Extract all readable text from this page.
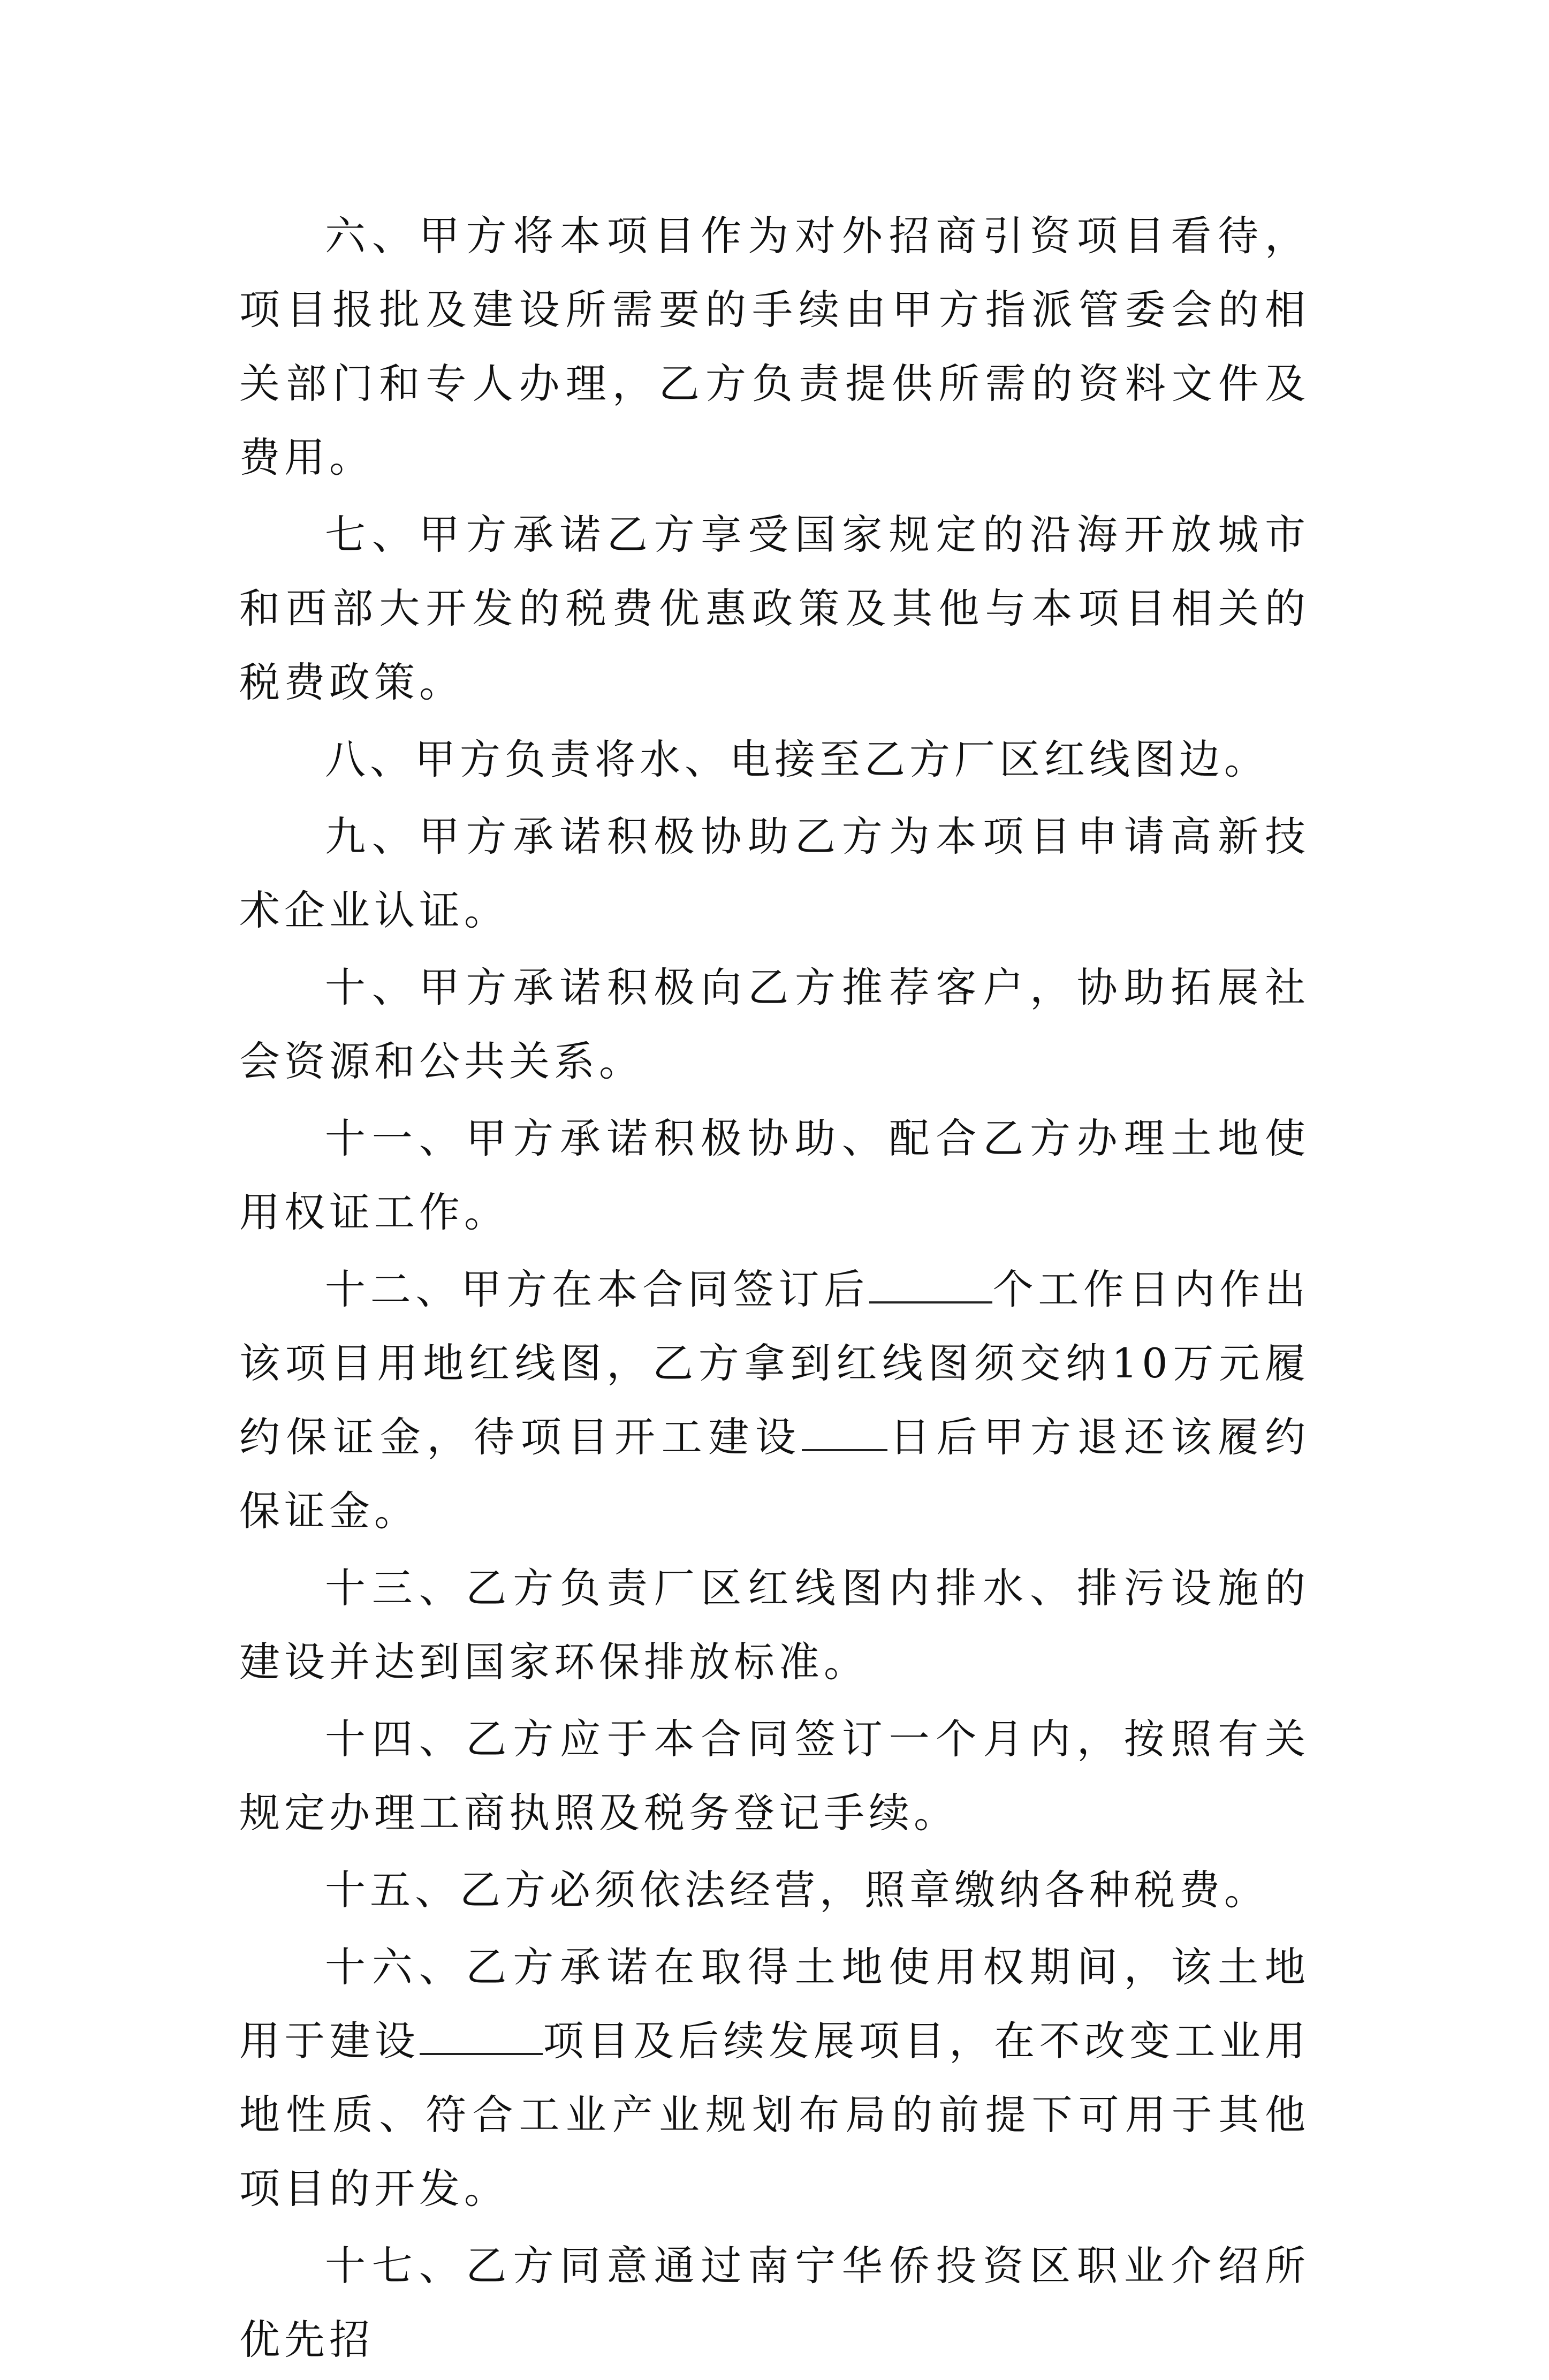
六、甲方将本项目作为对外招商引资项目看待，项目报批及建设所需要的手续由甲方指派管委会的相关部门和专人办理，乙方负责提供所需的资料文件及费用。

七、甲方承诺乙方享受国家规定的沿海开放城市和西部大开发的税费优惠政策及其他与本项目相关的税费政策。

八、甲方负责将水、电接至乙方厂区红线图边。

九、甲方承诺积极协助乙方为本项目申请高新技术企业认证。

十、甲方承诺积极向乙方推荐客户，协助拓展社会资源和公共关系。

十一、甲方承诺积极协助、配合乙方办理土地使用权证工作。

十二、甲方在本合同签订后	个工作日内作出该项目用地红线图，乙方拿到红线图须交纳10万元履约保证金，待项目开工建设 日后甲方退还该履约保证金。

十三、乙方负责厂区红线图内排水、排污设施的建设并达到国家环保排放标准。

十四、乙方应于本合同签订一个月内，按照有关规定办理工商执照及税务登记手续。

十五、乙方必须依法经营，照章缴纳各种税费。

十六、乙方承诺在取得土地使用权期间，该土地用于建设	项目及后续发展项目，在不改变工业用地性质、符合工业产业规划布局的前提下可用于其他项目的开发。

十七、乙方同意通过南宁华侨投资区职业介绍所优先招
